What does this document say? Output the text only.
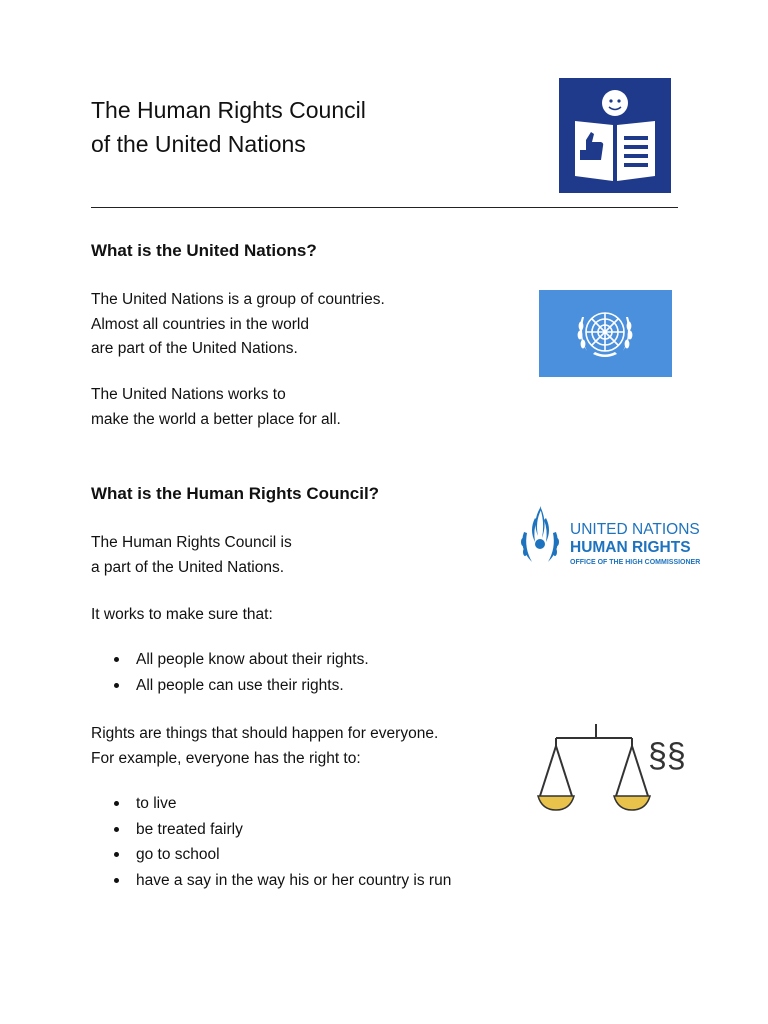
The Human Rights Council
of the United Nations
What is the United Nations?

The United Nations is a group of countries.
Almost all countries in the world
are part of the United Nations.

The United Nations works to
make the world a better place for all.

What is the Human Rights Council?

The Human Rights Council is
a part of the United Nations.

It works to make sure that:

All people know about their rights.
All people can use their rights.

Rights are things that should happen for everyone.
For example, everyone has the right to:

to live
be treated fairly
go to school
have a say in the way his or her country is run
UNITED NATIONS
HUMAN RIGHTS
OFFICE OF THE HIGH COMMISSIONER
§§
